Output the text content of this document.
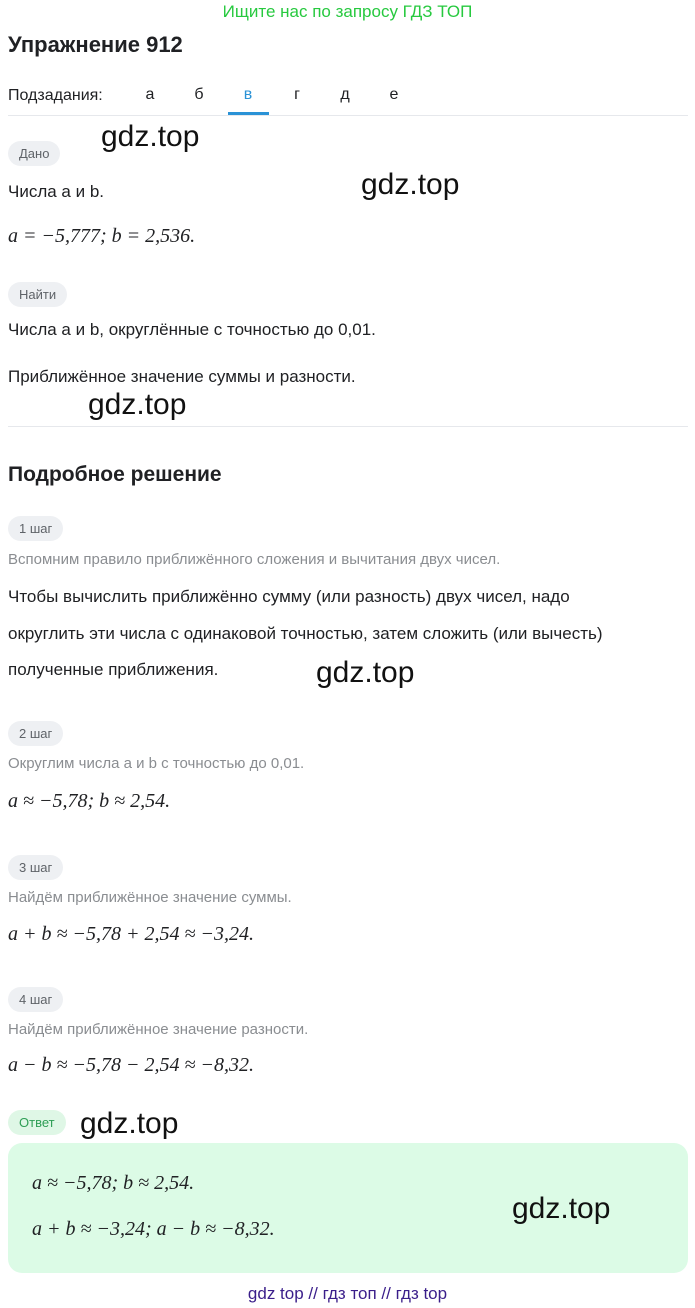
Ищите нас по запросу ГДЗ ТОП
Упражнение 912
Подзадания:	а	б	в	г	д	е
Дано
Числа a и b.
a = −5,777; b = 2,536.
Найти
Числа a и b, округлённые с точностью до 0,01.
Приближённое значение суммы и разности.
Подробное решение
1 шаг
Вспомним правило приближённого сложения и вычитания двух чисел.
Чтобы вычислить приближённо сумму (или разность) двух чисел, надо
округлить эти числа с одинаковой точностью, затем сложить (или вычесть)
полученные приближения.
2 шаг
Округлим числа a и b с точностью до 0,01.
a ≈ −5,78; b ≈ 2,54.
3 шаг
Найдём приближённое значение суммы.
a + b ≈ −5,78 + 2,54 ≈ −3,24.
4 шаг
Найдём приближённое значение разности.
a − b ≈ −5,78 − 2,54 ≈ −8,32.
Ответ
a ≈ −5,78; b ≈ 2,54.
a + b ≈ −3,24; a − b ≈ −8,32.
gdz.top
gdz.top
gdz.top
gdz.top
gdz.top
gdz.top
gdz top // гдз топ // гдз top
